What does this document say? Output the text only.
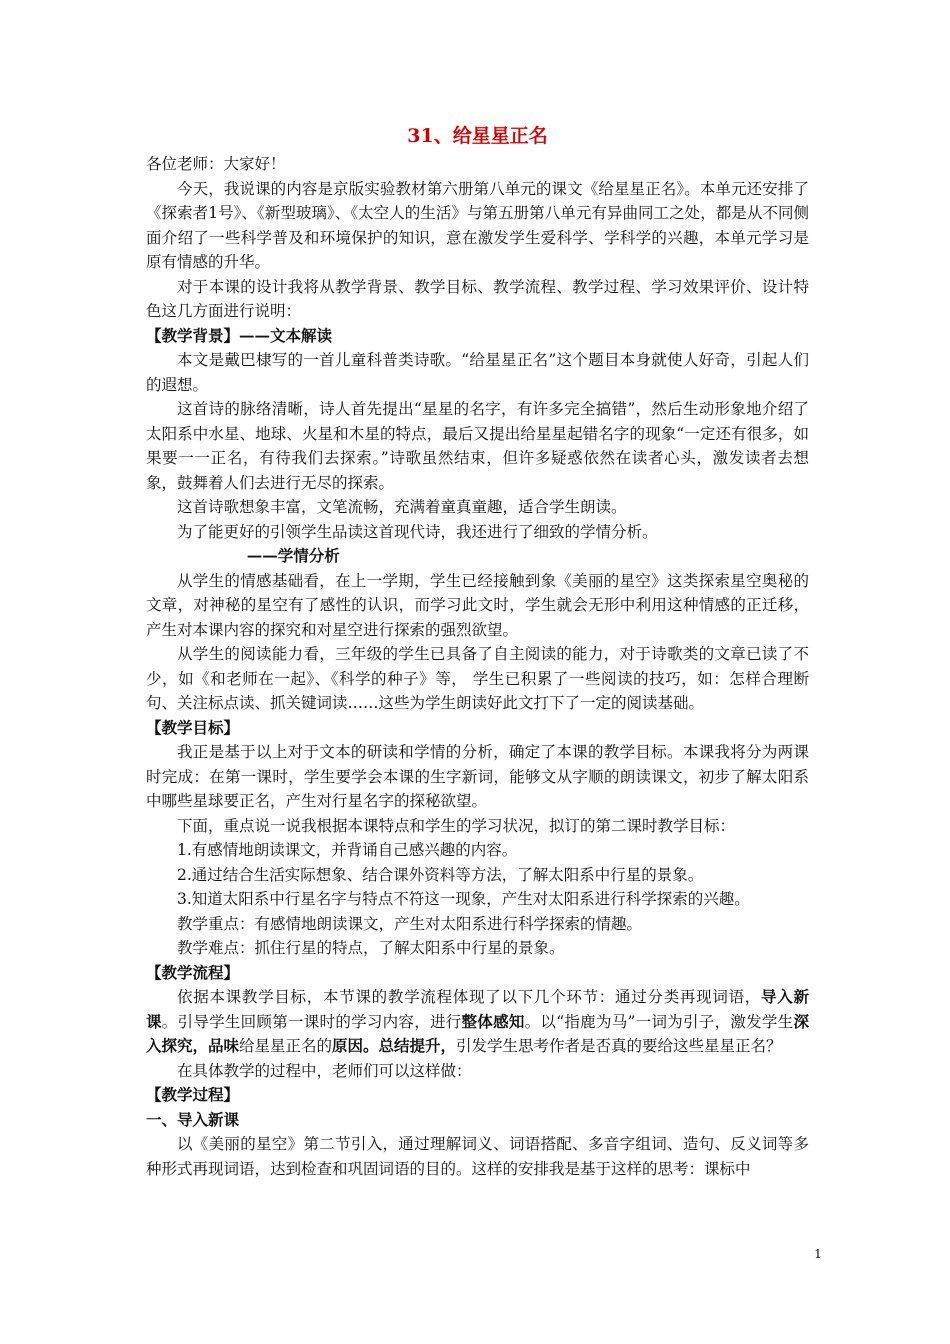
31、给星星正名

各位老师：大家好！

今天，我说课的内容是京版实验教材第六册第八单元的课文《给星星正名》。本单元还安排了《探索者1号》、《新型玻璃》、《太空人的生活》与第五册第八单元有异曲同工之处，都是从不同侧面介绍了一些科学普及和环境保护的知识，意在激发学生爱科学、学科学的兴趣，本单元学习是原有情感的升华。

对于本课的设计我将从教学背景、教学目标、教学流程、教学过程、学习效果评价、设计特色这几方面进行说明：

【教学背景】——文本解读

本文是戴巴棣写的一首儿童科普类诗歌。“给星星正名”这个题目本身就使人好奇，引起人们的遐想。

这首诗的脉络清晰，诗人首先提出“星星的名字，有许多完全搞错”，然后生动形象地介绍了太阳系中水星、地球、火星和木星的特点，最后又提出给星星起错名字的现象“一定还有很多，如果要一一正名，有待我们去探索。”诗歌虽然结束，但许多疑惑依然在读者心头，激发读者去想象，鼓舞着人们去进行无尽的探索。

这首诗歌想象丰富，文笔流畅，充满着童真童趣，适合学生朗读。

为了能更好的引领学生品读这首现代诗，我还进行了细致的学情分析。

——学情分析

从学生的情感基础看，在上一学期，学生已经接触到象《美丽的星空》这类探索星空奥秘的文章，对神秘的星空有了感性的认识，而学习此文时，学生就会无形中利用这种情感的正迁移，产生对本课内容的探究和对星空进行探索的强烈欲望。

从学生的阅读能力看，三年级的学生已具备了自主阅读的能力，对于诗歌类的文章已读了不少，如《和老师在一起》、《科学的种子》等， 学生已积累了一些阅读的技巧，如：怎样合理断句、关注标点读、抓关键词读……这些为学生朗读好此文打下了一定的阅读基础。

【教学目标】

我正是基于以上对于文本的研读和学情的分析，确定了本课的教学目标。本课我将分为两课时完成：在第一课时，学生要学会本课的生字新词，能够文从字顺的朗读课文，初步了解太阳系中哪些星球要正名，产生对行星名字的探秘欲望。

下面，重点说一说我根据本课特点和学生的学习状况，拟订的第二课时教学目标：

1.有感情地朗读课文，并背诵自己感兴趣的内容。

2.通过结合生活实际想象、结合课外资料等方法，了解太阳系中行星的景象。

3.知道太阳系中行星名字与特点不符这一现象，产生对太阳系进行科学探索的兴趣。

教学重点：有感情地朗读课文，产生对太阳系进行科学探索的情趣。

教学难点：抓住行星的特点，了解太阳系中行星的景象。

【教学流程】

依据本课教学目标，本节课的教学流程体现了以下几个环节：通过分类再现词语，导入新课。引导学生回顾第一课时的学习内容，进行整体感知。以“指鹿为马”一词为引子，激发学生深入探究，品味给星星正名的原因。总结提升，引发学生思考作者是否真的要给这些星星正名？

在具体教学的过程中，老师们可以这样做：

【教学过程】

一、导入新课

以《美丽的星空》第二节引入，通过理解词义、词语搭配、多音字组词、造句、反义词等多种形式再现词语，达到检查和巩固词语的目的。这样的安排我是基于这样的思考：课标中

1
